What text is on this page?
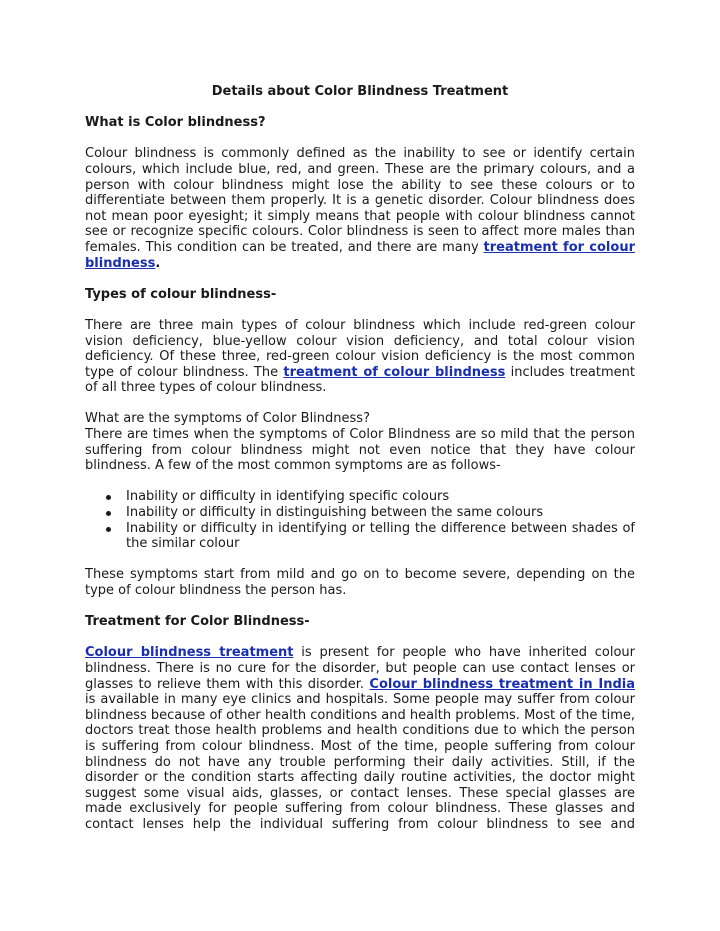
Details about Color Blindness Treatment

What is Color blindness?

Colour blindness is commonly defined as the inability to see or identify certain colours, which include blue, red, and green. These are the primary colours, and a person with colour blindness might lose the ability to see these colours or to differentiate between them properly. It is a genetic disorder. Colour blindness does not mean poor eyesight; it simply means that people with colour blindness cannot see or recognize specific colours. Color blindness is seen to affect more males than females. This condition can be treated, and there are many treatment for colour blindness.

Types of colour blindness-

There are three main types of colour blindness which include red-green colour vision deficiency, blue-yellow colour vision deficiency, and total colour vision deficiency. Of these three, red-green colour vision deficiency is the most common type of colour blindness. The treatment of colour blindness includes treatment of all three types of colour blindness.

What are the symptoms of Color Blindness?

There are times when the symptoms of Color Blindness are so mild that the person suffering from colour blindness might not even notice that they have colour blindness. A few of the most common symptoms are as follows-

Inability or difficulty in identifying specific colours
Inability or difficulty in distinguishing between the same colours
Inability or difficulty in identifying or telling the difference between shades of the similar colour

These symptoms start from mild and go on to become severe, depending on the type of colour blindness the person has.

Treatment for Color Blindness-

Colour blindness treatment is present for people who have inherited colour blindness. There is no cure for the disorder, but people can use contact lenses or glasses to relieve them with this disorder. Colour blindness treatment in India is available in many eye clinics and hospitals. Some people may suffer from colour blindness because of other health conditions and health problems. Most of the time, doctors treat those health problems and health conditions due to which the person is suffering from colour blindness. Most of the time, people suffering from colour blindness do not have any trouble performing their daily activities. Still, if the disorder or the condition starts affecting daily routine activities, the doctor might suggest some visual aids, glasses, or contact lenses. These special glasses are made exclusively for people suffering from colour blindness. These glasses and contact lenses help the individual suffering from colour blindness to see and
